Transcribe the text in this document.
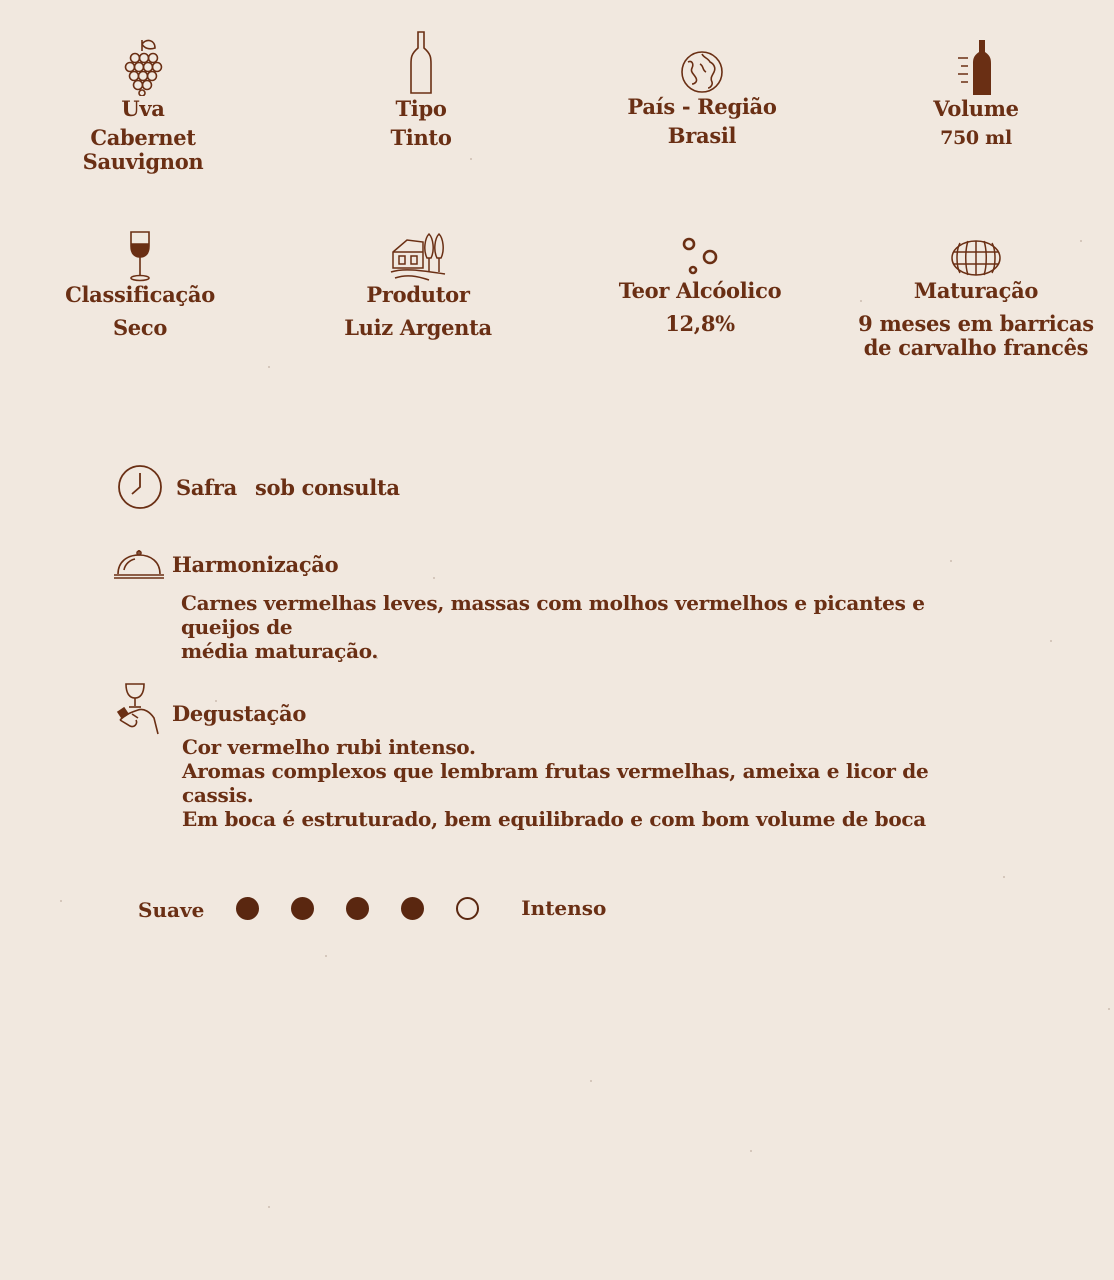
Uva
Cabernet Sauvignon
Tipo
Tinto
País - Região
Brasil
Volume
750 ml
Classificação
Seco
Produtor
Luiz Argenta
Teor Alcóolico
12,8%
Maturação
9 meses em barricas
de carvalho francês
Safra sob consulta
Harmonização
Carnes vermelhas leves, massas com molhos vermelhos e picantes e queijos de
média maturação.
Degustação
Cor vermelho rubi intenso.
Aromas complexos que lembram frutas vermelhas, ameixa e licor de cassis.
Em boca é estruturado, bem equilibrado e com bom volume de boca
Suave	Intenso
